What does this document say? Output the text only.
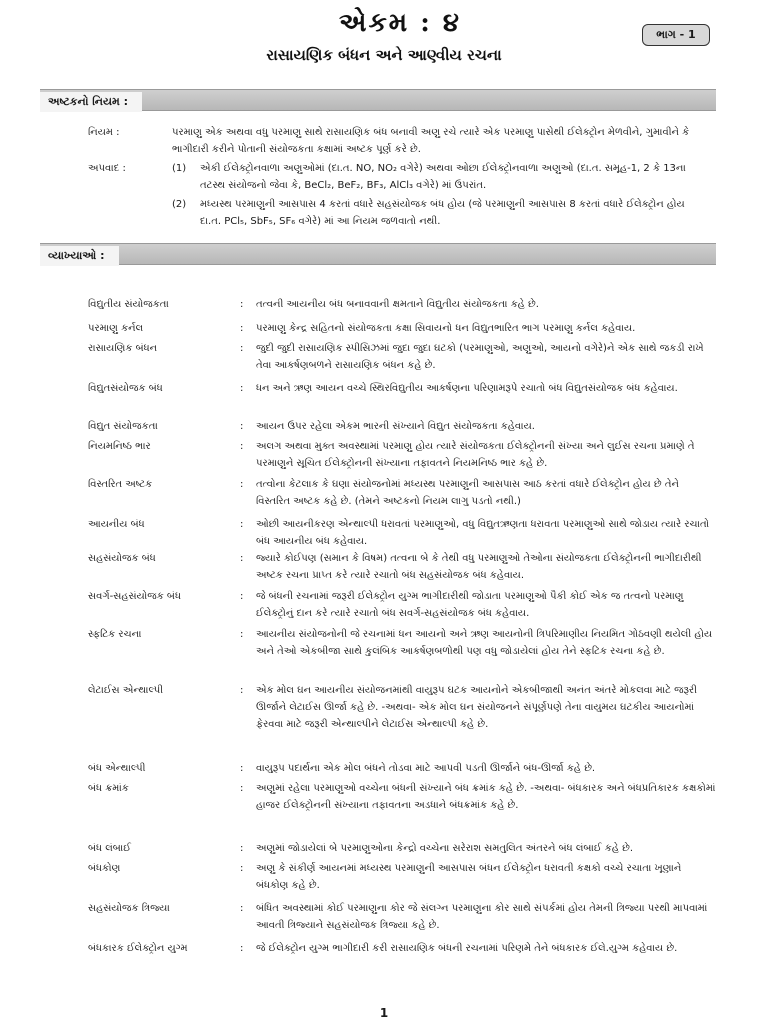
એકમ : ૪	ભાગ - 1
રાસાયણિક બંધન અને આણ્વીય રચના
અષ્ટકનો નિયમ :
નિયમ :	પરમાણુ એક અથવા વધુ પરમાણુ સાથે રાસાયણિક બંધ બનાવી અણુ રચે ત્યારે એક પરમાણુ પાસેથી ઈલેક્ટ્રોન મેળવીને, ગુમાવીને કે ભાગીદારી કરીને પોતાની સંયોજકતા કક્ષામાં અષ્ટક પૂર્ણ કરે છે.
અપવાદ :	(1)	એકી ઈલેક્ટ્રોનવાળા અણુઓમાં (દા.ત. NO, NO₂ વગેરે) અથવા ઓછા ઈલેક્ટ્રોનવાળા અણુઓ (દા.ત. સમૂહ-1, 2 કે 13ના તટસ્થ સંયોજનો જેવા કે, BeCl₂, BeF₂, BF₃, AlCl₃ વગેરે) માં ઉપરાંત.
(2)	મધ્યસ્થ પરમાણુની આસપાસ 4 કરતાં વધારે સહસંયોજક બંધ હોય (જે પરમાણુની આસપાસ 8 કરતાં વધારે ઈલેક્ટ્રોન હોય દા.ત. PCl₅, SbF₅, SF₆ વગેરે) માં આ નિયમ જળવાતો નથી.
વ્યાખ્યાઓ :
વિદ્યુતીય સંયોજકતા	:	તત્વની આયનીય બંધ બનાવવાની ક્ષમતાને વિદ્યુતીય સંયોજકતા કહે છે.
પરમાણુ કર્નલ	:	પરમાણુ કેન્દ્ર સહિતનો સંયોજકતા કક્ષા સિવાયનો ધન વિદ્યુતભારિત ભાગ પરમાણુ કર્નલ કહેવાય.
રાસાયણિક બંધન	:	જુદી જુદી રાસાયણિક સ્પીસિઝમાં જુદા જુદા ઘટકો (પરમાણુઓ, અણુઓ, આયનો વગેરે)ને એક સાથે જકડી રાખે તેવા આકર્ષણબળને રાસાયણિક બંધન કહે છે.
વિદ્યુતસંયોજક બંધ	:	ધન અને ઋણ આયન વચ્ચે સ્થિરવિદ્યુતીય આકર્ષણના પરિણામરૂપે રચાતો બંધ વિદ્યુતસંયોજક બંધ કહેવાય.
વિદ્યુત સંયોજકતા	:	આયન ઉપર રહેલા એકમ ભારની સંખ્યાને વિદ્યુત સંયોજકતા કહેવાય.
નિયમનિષ્ઠ ભાર	:	અલગ અથવા મુક્ત અવસ્થામાં પરમાણુ હોય ત્યારે સંયોજકતા ઈલેક્ટ્રોનની સંખ્યા અને લુઈસ રચના પ્રમાણે તે પરમાણુને સૂચિત ઈલેક્ટ્રોનની સંખ્યાના તફાવતને નિયમનિષ્ઠ ભાર કહે છે.
વિસ્તરિત અષ્ટક	:	તત્વોના કેટલાક કે ઘણા સંયોજનોમાં મધ્યસ્થ પરમાણુની આસપાસ આઠ કરતાં વધારે ઈલેક્ટ્રોન હોય છે તેને વિસ્તરિત અષ્ટક કહે છે. (તેમને અષ્ટકનો નિયમ લાગુ પડતો નથી.)
આયનીય બંધ	:	ઓછી આયનીકરણ એન્થાલ્પી ધરાવતાં પરમાણુઓ, વધુ વિદ્યુતઋણતા ધરાવતા પરમાણુઓ સાથે જોડાય ત્યારે રચાતો બંધ આયનીય બંધ કહેવાય.
સહસંયોજક બંધ	:	જ્યારે કોઈપણ (સમાન કે વિષમ) તત્વના બે કે તેથી વધુ પરમાણુઓ તેઓના સંયોજકતા ઈલેક્ટ્રોનની ભાગીદારીથી અષ્ટક રચના પ્રાપ્ત કરે ત્યારે રચાતો બંધ સહસંયોજક બંધ કહેવાય.
સવર્ગ-સહસંયોજક બંધ	:	જે બંધની રચનામાં જરૂરી ઈલેક્ટ્રોન યુગ્મ ભાગીદારીથી જોડાતા પરમાણુઓ પૈકી કોઈ એક જ તત્વનો પરમાણુ ઈલેક્ટ્રોનું દાન કરે ત્યારે રચાતો બંધ સવર્ગ-સહસંયોજક બંધ કહેવાય.
સ્ફટિક રચના	:	આયનીય સંયોજનોની જે રચનામાં ધન આયનો અને ઋણ આયનોની ત્રિપરિમાણીય નિયમિત ગોઠવણી થયેલી હોય અને તેઓ એકબીજા સાથે કુલંબિક આકર્ષણબળોથી પણ વધુ જોડાયેલાં હોય તેને સ્ફટિક રચના કહે છે.
લેટાઈસ એન્થાલ્પી	:	એક મોલ ઘન આયનીય સંયોજનમાંથી વાયુરૂપ ઘટક આયનોને એકબીજાથી અનંત અંતરે મોકલવા માટે જરૂરી ઊર્જાને લેટાઈસ ઊર્જા કહે છે. -અથવા- એક મોલ ઘન સંયોજનને સંપૂર્ણપણે તેના વાયુમય ઘટકીય આયનોમાં ફેરવવા માટે જરૂરી એન્થાલ્પીને લેટાઈસ એન્થાલ્પી કહે છે.
બંધ એન્થાલ્પી	:	વાયુરૂપ પદાર્થના એક મોલ બંધને તોડવા માટે આપવી પડતી ઊર્જાને બંધ-ઊર્જા કહે છે.
બંધ ક્રમાંક	:	અણુમાં રહેલા પરમાણુઓ વચ્ચેના બંધની સંખ્યાને બંધ ક્રમાંક કહે છે. -અથવા- બંધકારક અને બંધપ્રતિકારક કક્ષકોમાં હાજર ઈલેક્ટ્રોનની સંખ્યાના તફાવતના અડધાને બંધક્રમાંક કહે છે.
બંધ લંબાઈ	:	અણુમાં જોડાયેલાં બે પરમાણુઓના કેન્દ્રો વચ્ચેના સરેરાશ સમતુલિત અંતરને બંધ લંબાઈ કહે છે.
બંધકોણ	:	અણુ કે સંકીર્ણ આયનમાં મધ્યસ્થ પરમાણુની આસપાસ બંધન ઈલેક્ટ્રોન ધરાવતી કક્ષકો વચ્ચે રચાતા ખૂણાને બંધકોણ કહે છે.
સહસંયોજક ત્રિજ્યા	:	બંધિત અવસ્થામાં કોઈ પરમાણુના કોર જે સંલગ્ન પરમાણુના કોર સાથે સંપર્કમાં હોય તેમની ત્રિજ્યા પરથી માપવામાં આવતી ત્રિજ્યાને સહસંયોજક ત્રિજ્યા કહે છે.
બંધકારક ઈલેક્ટ્રોન યુગ્મ	:	જે ઈલેક્ટ્રોન યુગ્મ ભાગીદારી કરી રાસાયણિક બંધની રચનામાં પરિણમે તેને બંધકારક ઈલે.યુગ્મ કહેવાય છે.
1
